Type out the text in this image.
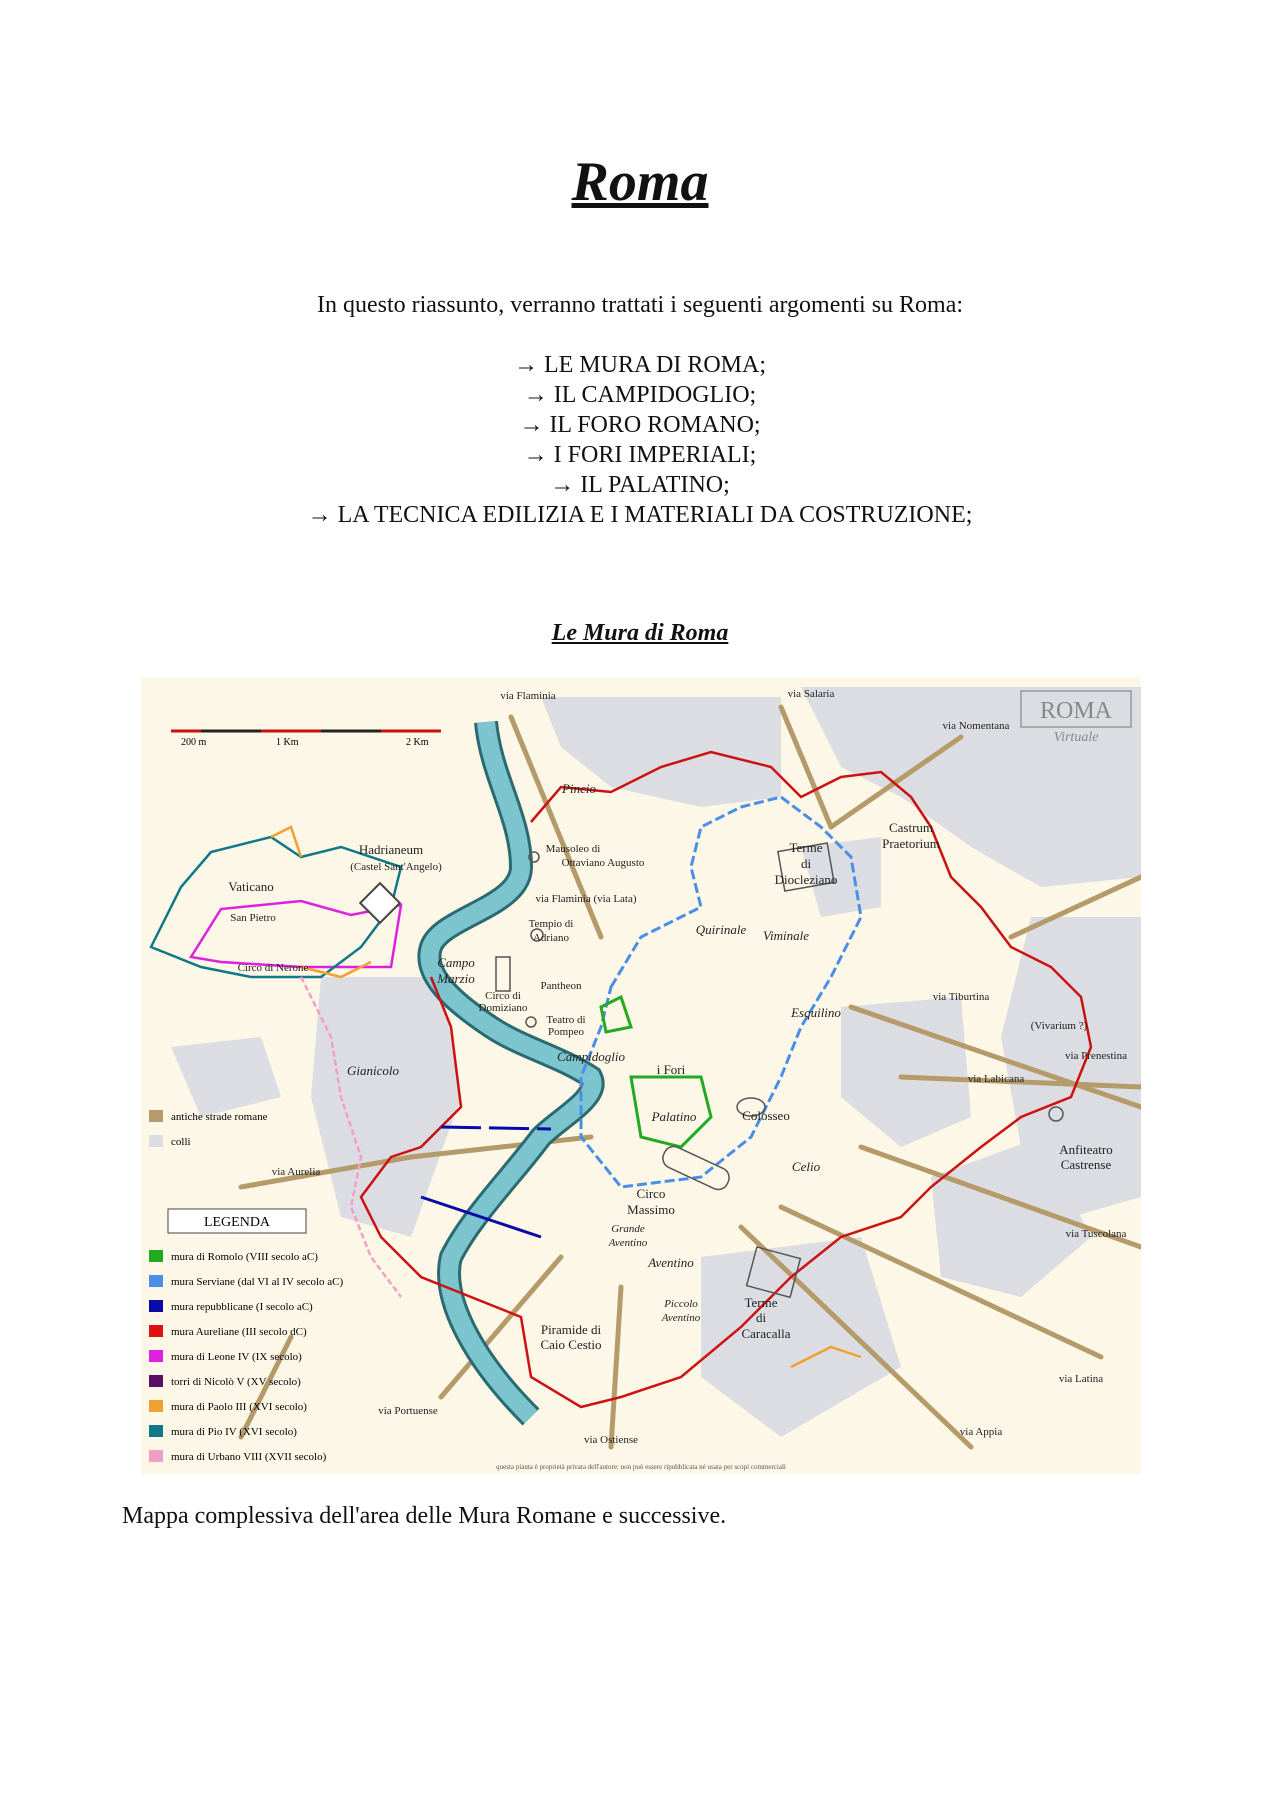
Roma
In questo riassunto, verranno trattati i seguenti argomenti su Roma:
→ LE MURA DI ROMA;
→ IL CAMPIDOGLIO;
→ IL FORO ROMANO;
→ I FORI IMPERIALI;
→ IL PALATINO;
→ LA TECNICA EDILIZIA E I MATERIALI DA COSTRUZIONE;
Le Mura di Roma
200 m	1 Km	2 Km
ROMA
Virtuale
via Flaminia	via Salaria
via Nomentana
via Tiburtina
via Prenestina
via Labicana
via Tuscolana
via Latina
via Appia
via Ostiense
via Portuense
via Aurelia
via Flaminia (via Lata)
Pincio
Castrum
Praetorium
Terme
di
Diocleziano
Hadrianeum
(Castel Sant'Angelo)
Mausoleo di
Ottaviano Augusto
Vaticano
San Pietro
Circo di Nerone
Tempio di
Adriano
Pantheon
Campo
Marzio
Circo di
Domiziano
Teatro di
Pompeo
Quirinale Viminale
Esquilino
(Vivarium ?)
Campidoglio
i Fori
Gianicolo
Palatino	Colosseo
Anfiteatro
Castrense
Celio
Circo
Massimo
Grande
Aventino
Aventino
Piccolo
Aventino
Terme
di
Caracalla
Piramide di
Caio Cestio
antiche strade romane
colli
LEGENDA
mura di Romolo (VIII secolo aC)
mura Serviane (dal VI al IV secolo aC)
mura repubblicane (I secolo aC)
mura Aureliane (III secolo dC)
mura di Leone IV (IX secolo)
torri di Nicolò V (XV secolo)
mura di Paolo III (XVI secolo)
mura di Pio IV (XVI secolo)
mura di Urbano VIII (XVII secolo)
questa pianta è proprietà privata dell'autore: non può essere ripubblicata né usata per scopi commerciali
Mappa complessiva dell'area delle Mura Romane e successive.
